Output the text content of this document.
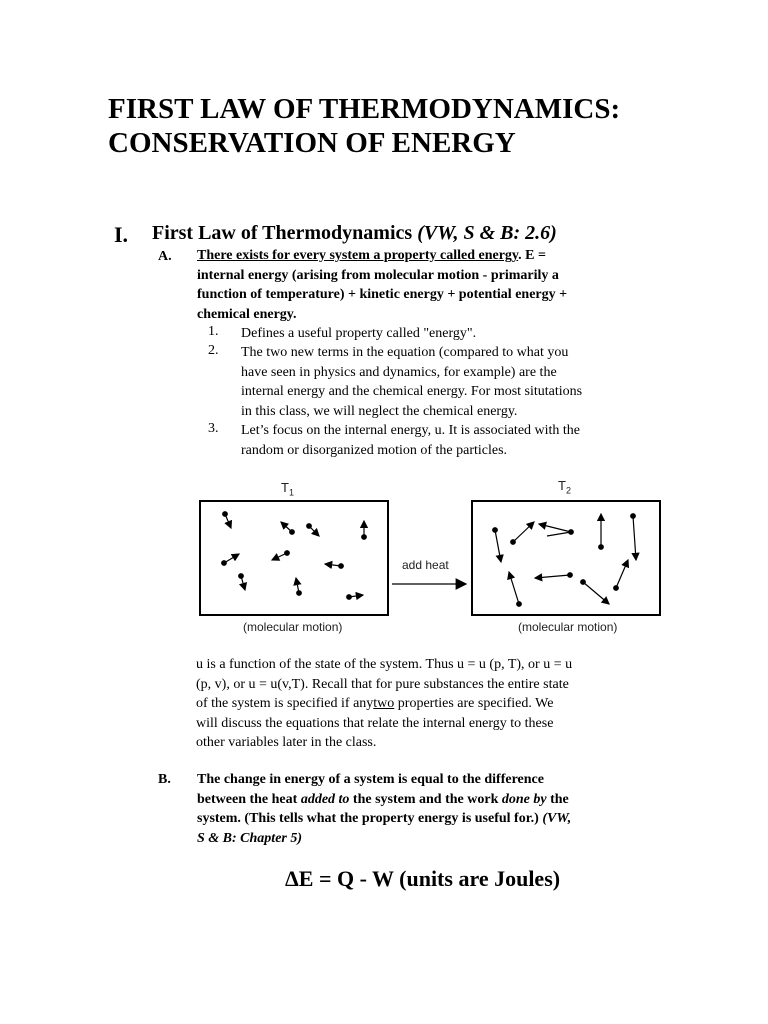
FIRST LAW OF THERMODYNAMICS:
CONSERVATION OF ENERGY
I. First Law of Thermodynamics (VW, S & B: 2.6)
A. There exists for every system a property called energy. E =
internal energy (arising from molecular motion - primarily a
function of temperature) + kinetic energy + potential energy +
chemical energy.
1. Defines a useful property called "energy".
2. The two new terms in the equation (compared to what you
have seen in physics and dynamics, for example) are the
internal energy and the chemical energy. For most situtations
in this class, we will neglect the chemical energy.
3. Let’s focus on the internal energy, u. It is associated with the
random or disorganized motion of the particles.
$T_1$	$T_2$
add heat
(molecular motion)	(molecular motion)
u is a function of the state of the system. Thus u = u (p, T), or u = u
(p, v), or u = u(v,T). Recall that for pure substances the entire state
of the system is specified if anytwo properties are specified. We
will discuss the equations that relate the internal energy to these
other variables later in the class.
B. The change in energy of a system is equal to the difference
between the heat added to the system and the work done by the
system. (This tells what the property energy is useful for.) (VW,
S & B: Chapter 5)
ΔE = Q - W (units are Joules)
